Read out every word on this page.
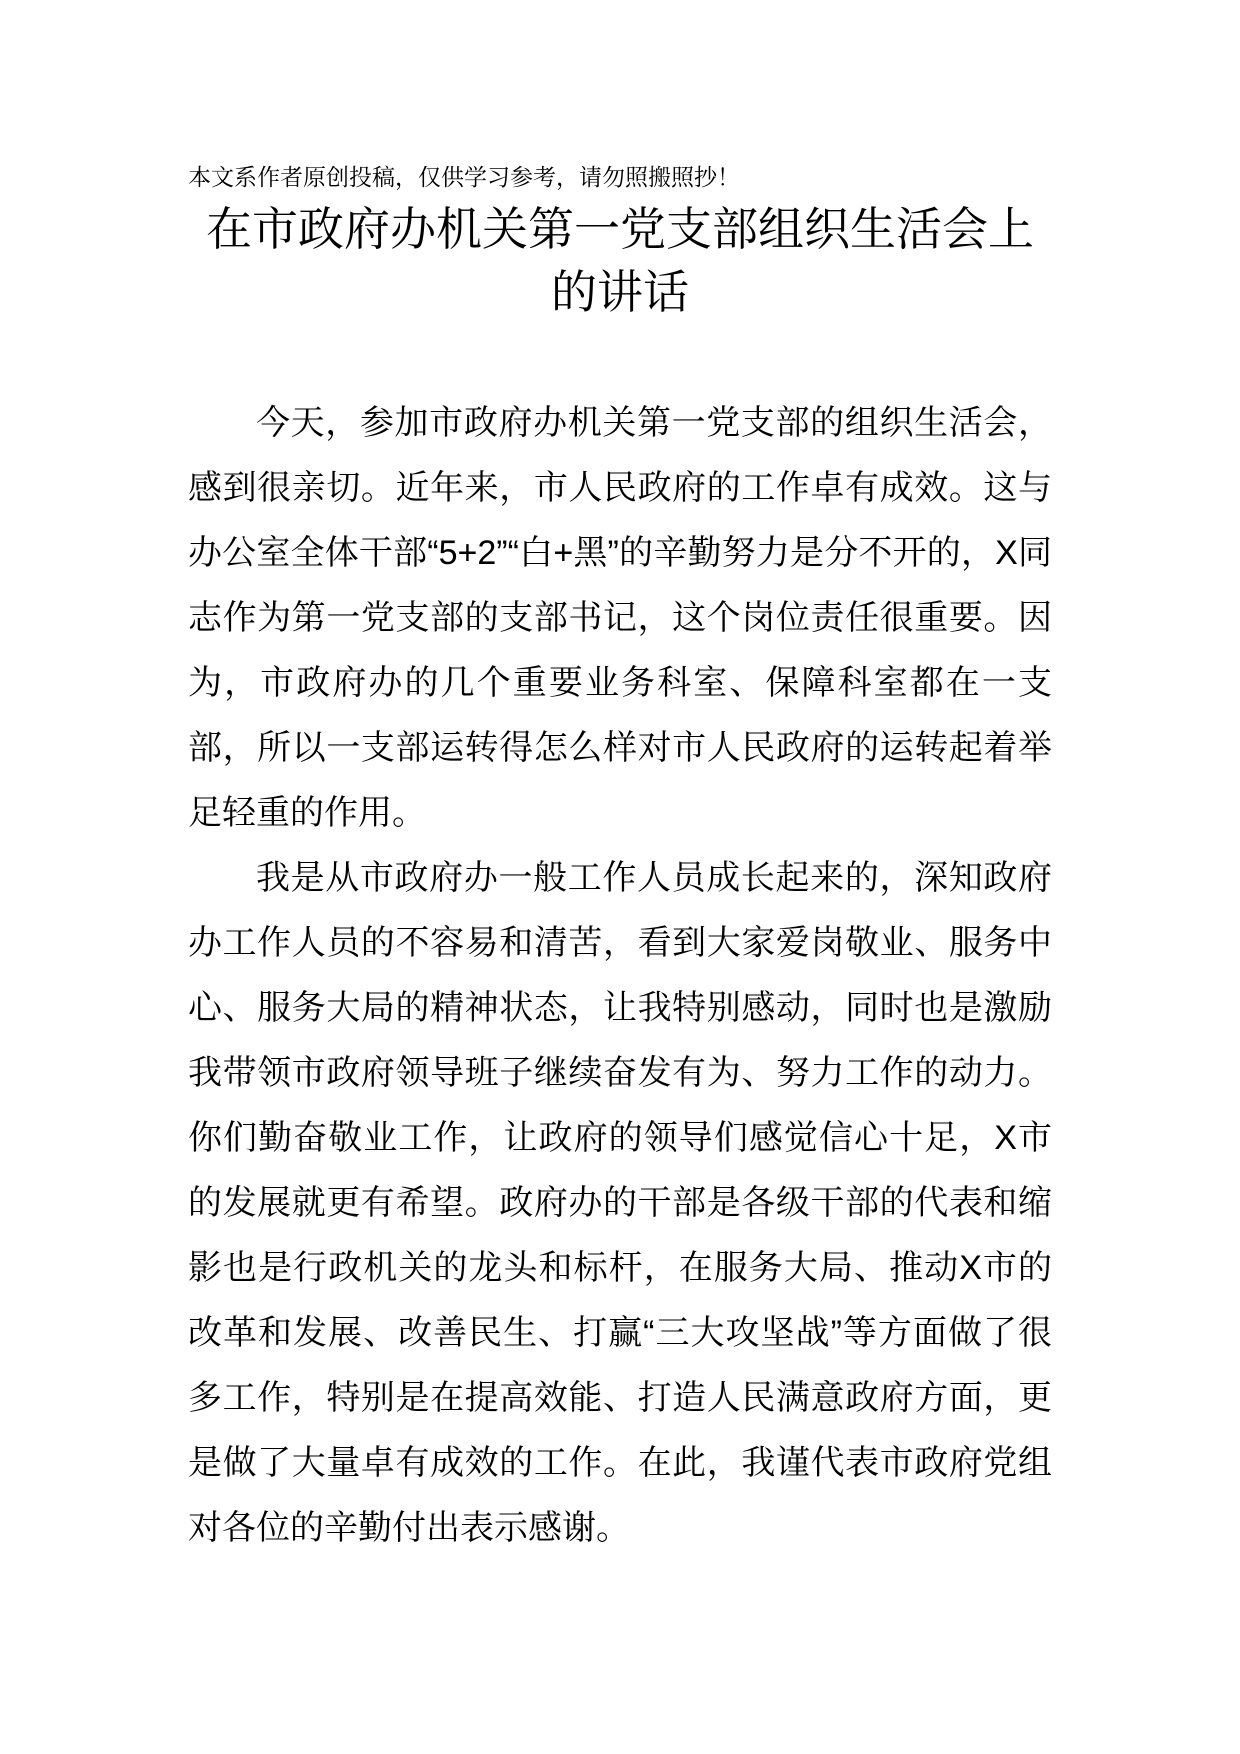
本文系作者原创投稿，仅供学习参考，请勿照搬照抄！
在市政府办机关第一党支部组织生活会上的讲话

今天，参加市政府办机关第一党支部的组织生活会，感到很亲切。近年来，市人民政府的工作卓有成效。这与办公室全体干部“5+2”“白+黑”的辛勤努力是分不开的，X同志作为第一党支部的支部书记，这个岗位责任很重要。因为，市政府办的几个重要业务科室、保障科室都在一支部，所以一支部运转得怎么样对市人民政府的运转起着举足轻重的作用。

我是从市政府办一般工作人员成长起来的，深知政府办工作人员的不容易和清苦，看到大家爱岗敬业、服务中心、服务大局的精神状态，让我特别感动，同时也是激励我带领市政府领导班子继续奋发有为、努力工作的动力。你们勤奋敬业工作，让政府的领导们感觉信心十足，X市的发展就更有希望。政府办的干部是各级干部的代表和缩影也是行政机关的龙头和标杆，在服务大局、推动X市的改革和发展、改善民生、打赢“三大攻坚战”等方面做了很多工作，特别是在提高效能、打造人民满意政府方面，更是做了大量卓有成效的工作。在此，我谨代表市政府党组对各位的辛勤付出表示感谢。
